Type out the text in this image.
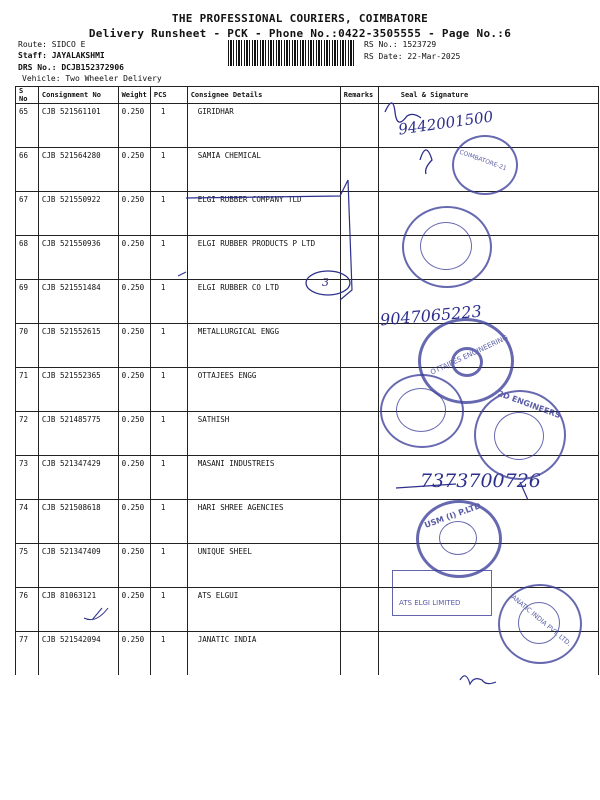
THE PROFESSIONAL COURIERS, COIMBATORE
Delivery Runsheet - PCK - Phone No.:0422-3505555 - Page No.:6
Route: SIDCO E
Staff: JAYALAKSHMI
DRS No.: DCJB152372906
Vehicle: Two Wheeler Delivery
RS No.: 1523729
RS Date: 22-Mar-2025
S No	Consignment No	Weight	PCS	Consignee Details	Remarks	Seal & Signature
65	CJB 521561101	0.250	1	GIRIDHAR		
66	CJB 521564280	0.250	1	SAMIA CHEMICAL		
67	CJB 521550922	0.250	1	ELGI RUBBER COMPANY TLD		
68	CJB 521550936	0.250	1	ELGI RUBBER PRODUCTS P LTD		
69	CJB 521551484	0.250	1	ELGI RUBBER CO LTD		
70	CJB 521552615	0.250	1	METALLURGICAL ENGG		
71	CJB 521552365	0.250	1	OTTAJEES ENGG		
72	CJB 521485775	0.250	1	SATHISH		
73	CJB 521347429	0.250	1	MASANI INDUSTREIS		
74	CJB 521508618	0.250	1	HARI SHREE AGENCIES		
75	CJB 521347409	0.250	1	UNIQUE SHEEL		
76	CJB 81063121	0.250	1	ATS ELGUI		
77	CJB 521542094	0.250	1	JANATIC INDIA		
9442001500
9047065223
7373700726
3
COIMBATORE-21
OTTAJEES ENGINEERING
2D ENGINEERS
USM (I) P.LTD
ATS ELGI LIMITED	JANATIC INDIA PVT. LTD.
